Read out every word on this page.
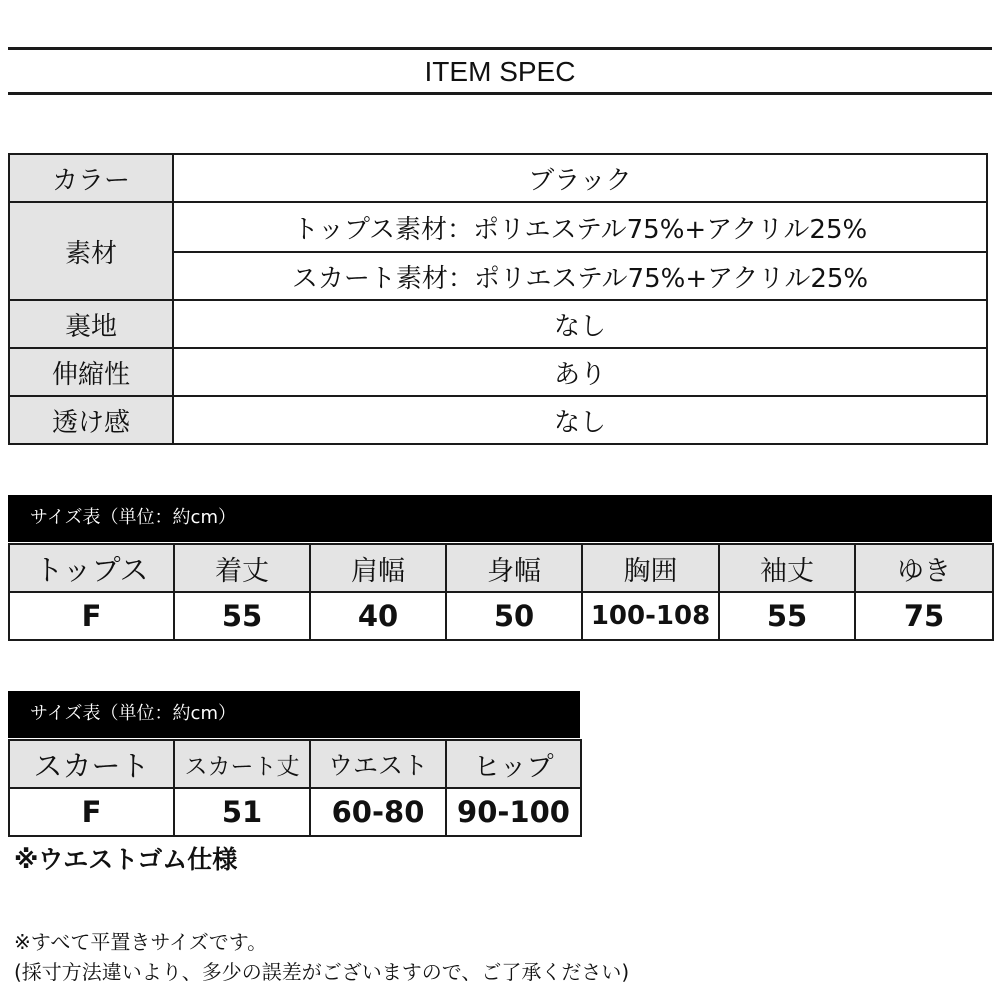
ITEM SPEC
カラー	ブラック
素材	トップス素材：ポリエステル75%+アクリル25%
	スカート素材：ポリエステル75%+アクリル25%
裏地	なし
伸縮性	あり
透け感	なし
サイズ表（単位：約cm）
トップス	着丈	肩幅	身幅	胸囲	袖丈	ゆき
F	55	40	50	100-108	55	75
サイズ表（単位：約cm）
スカート	スカート丈	ウエスト	ヒップ
F	51	60-80	90-100
※ウエストゴム仕様
※すべて平置きサイズです。
(採寸方法違いより、多少の誤差がございますので、ご了承ください)
